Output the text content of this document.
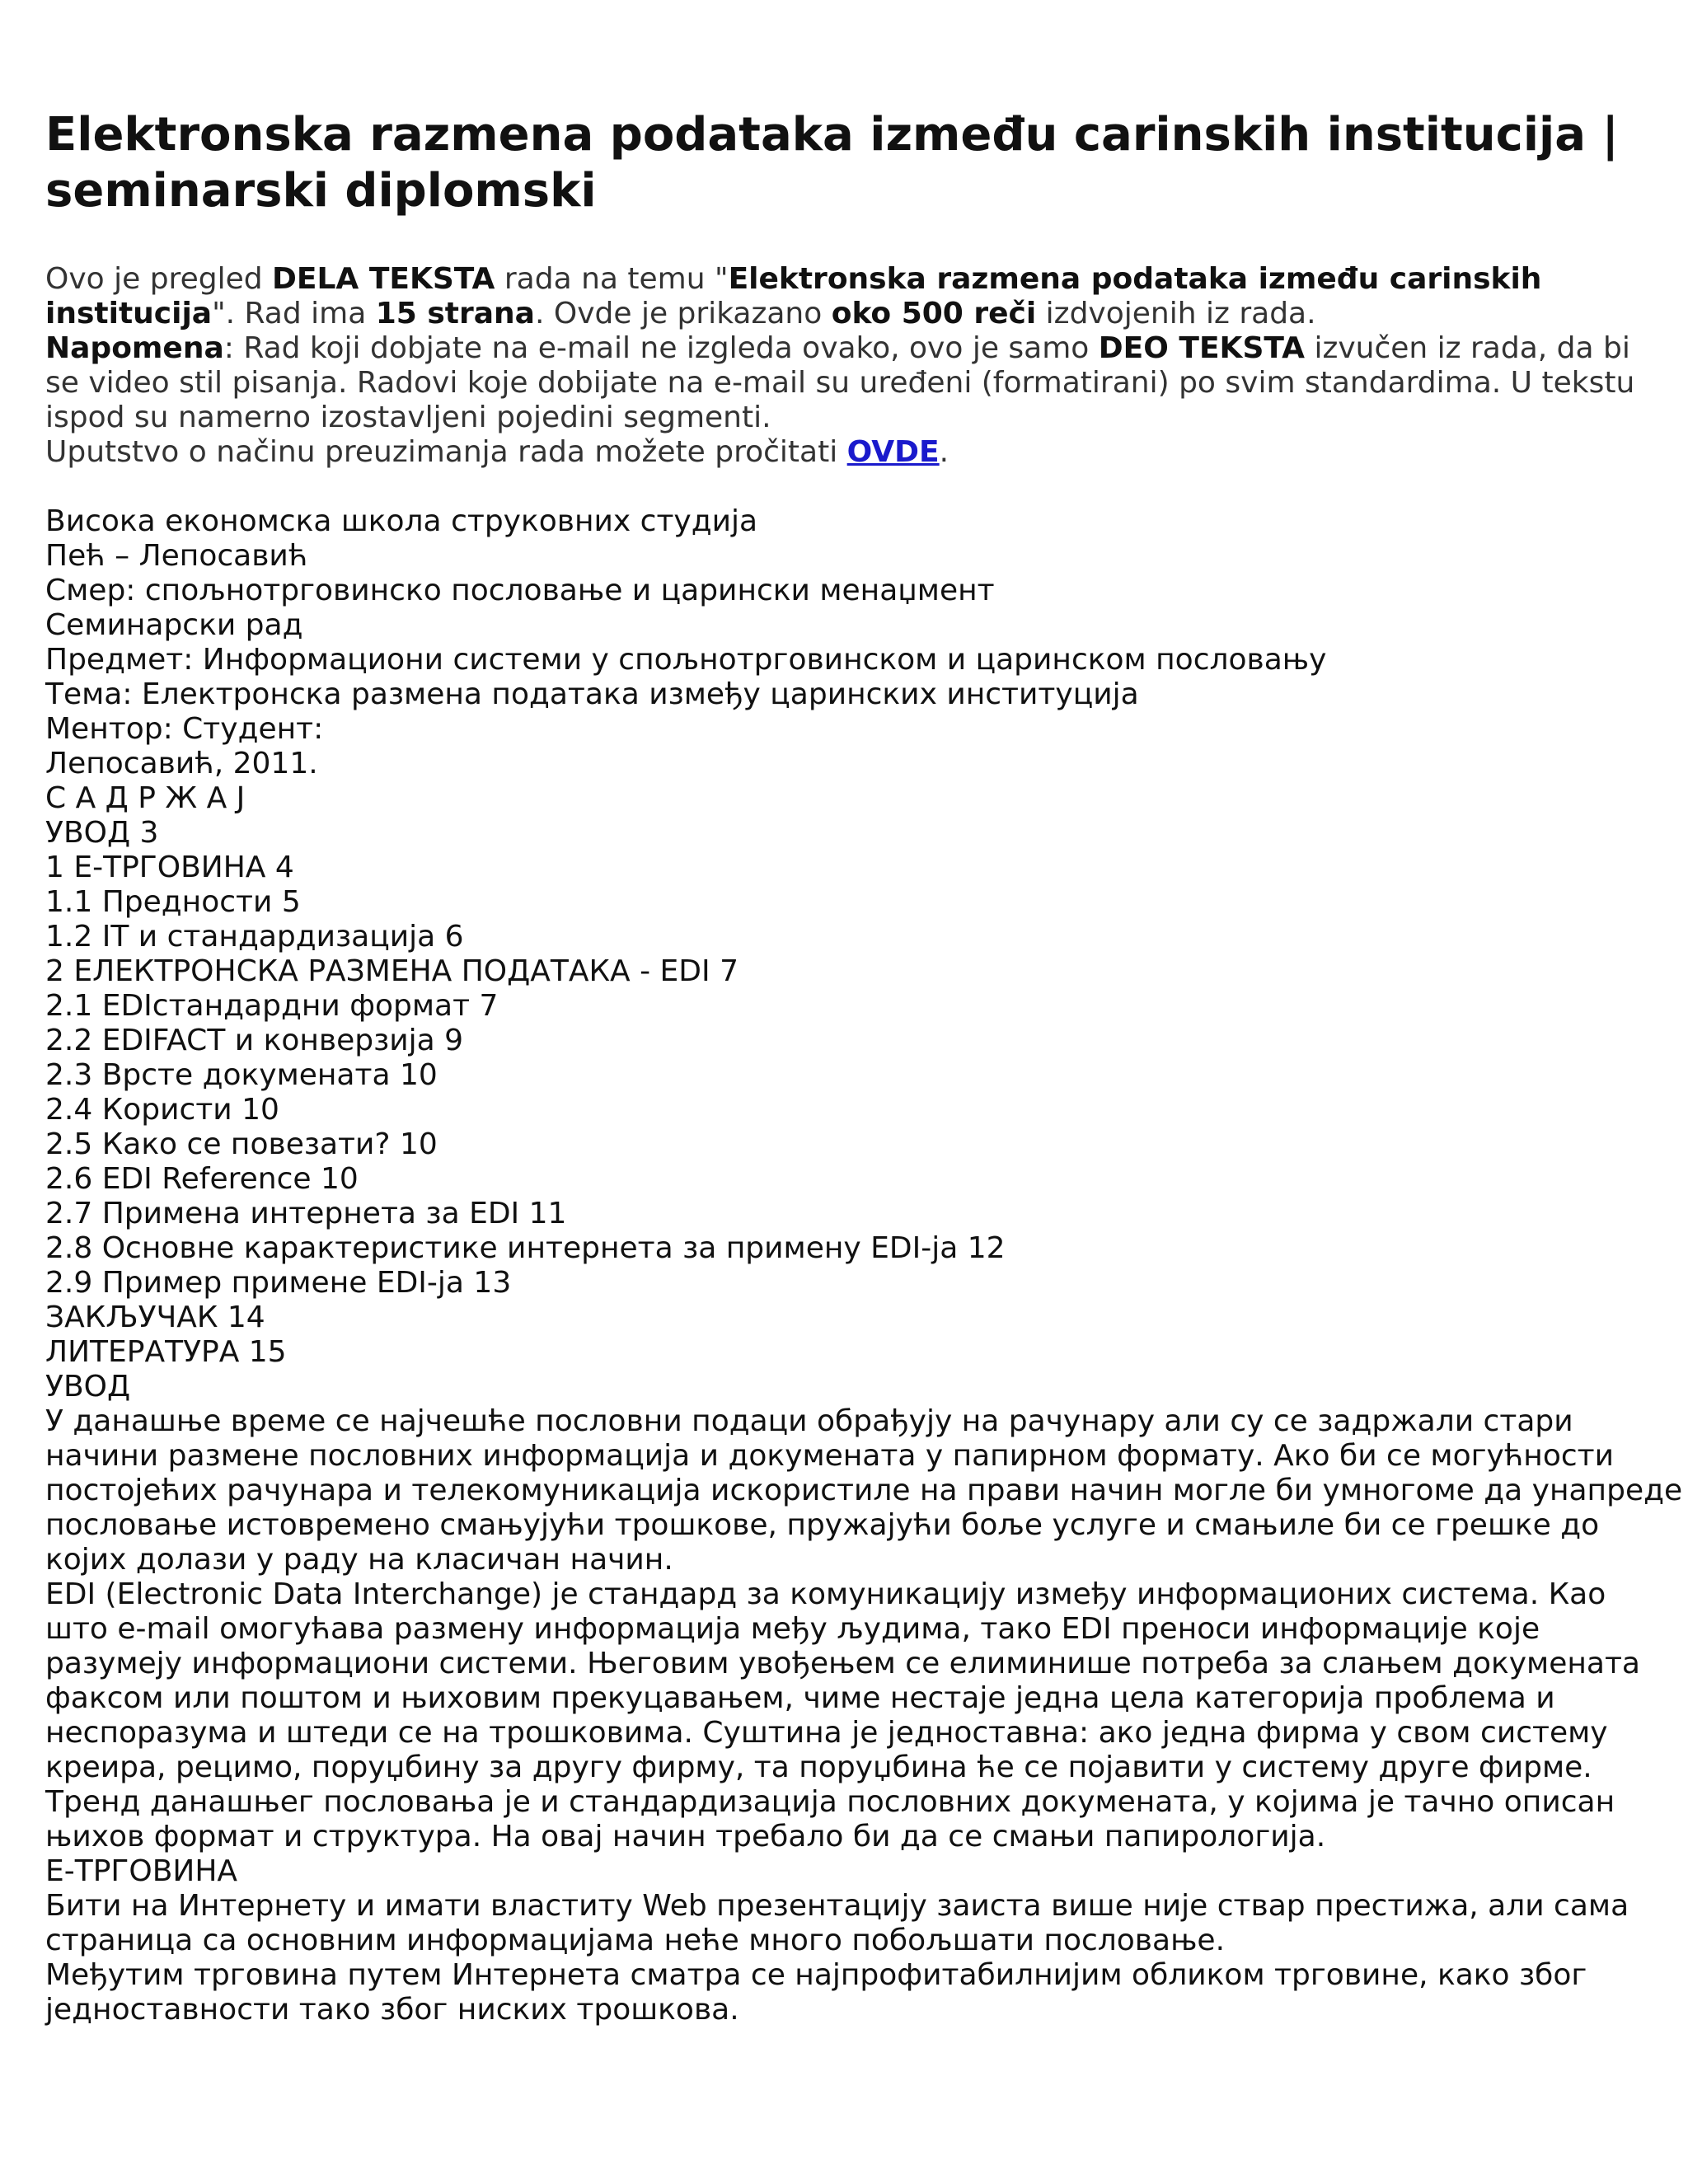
Elektronska razmena podataka između carinskih institucija |
seminarski diplomski
Ovo je pregled DELA TEKSTA rada na temu "Elektronska razmena podataka između carinskih
institucija". Rad ima 15 strana. Ovde je prikazano oko 500 reči izdvojenih iz rada.
Napomena: Rad koji dobjate na e-mail ne izgleda ovako, ovo je samo DEO TEKSTA izvučen iz rada, da bi
se video stil pisanja. Radovi koje dobijate na e-mail su uređeni (formatirani) po svim standardima. U tekstu
ispod su namerno izostavljeni pojedini segmenti.
Uputstvo o načinu preuzimanja rada možete pročitati OVDE.
Висока економска школа струковних студија
Пећ – Лепосавић
Смер: спољнотрговинско пословање и царински менаџмент
Семинарски рад
Предмет: Информациони системи у спољнотрговинском и царинском пословању
Тема: Електронска размена података између царинских институција
Ментор: Студент:
Лепосавић, 2011.
С А Д Р Ж А Ј
УВОД 3
1 Е-ТРГОВИНА 4
1.1 Предности 5
1.2 IT и стандардизација 6
2 ЕЛЕКТРОНСКА РАЗМЕНА ПОДАТАКА - EDI 7
2.1 EDIстандардни формат 7
2.2 EDIFACT и конверзија 9
2.3 Врсте докумената 10
2.4 Користи 10
2.5 Како се повезати? 10
2.6 EDI Reference 10
2.7 Примена интернета за EDI 11
2.8 Основне карактеристике интернета за примену EDI-ја 12
2.9 Пример примене EDI-ја 13
ЗАКЉУЧАК 14
ЛИТЕРАТУРА 15
УВОД
У данашње време се најчешће пословни подаци обрађују на рачунару али су се задржали стари
начини размене пословних информација и докумената у папирном формату. Ако би се могућности
постојећих рачунара и телекомуникација искористиле на прави начин могле би умногоме да унапреде
пословање истовремено смањујући трошкове, пружајући боље услуге и смањиле би се грешке до
којих долази у раду на класичан начин.
EDI (Electronic Data Interchange) је стандард за комуникацију између информационих система. Као
што e-mail омогућава размену информација међу људима, тако EDI преноси информације које
разумеју информациони системи. Његовим увођењем се елиминише потреба за слањем докумената
факсом или поштом и њиховим прекуцавањем, чиме нестаје једна цела категорија проблема и
неспоразума и штеди се на трошковима. Суштина је једноставна: ако једна фирма у свом систему
креира, рецимо, поруџбину за другу фирму, та поруџбина ће се појавити у систему друге фирме.
Тренд данашњег пословања је и стандардизација пословних докумената, у којима је тачно описан
њихов формат и структура. На овај начин требало би да се смањи папирологија.
Е-ТРГОВИНА
Бити на Интернету и имати властиту Web презентацију заиста више није ствар престижа, али сама
страница са основним информацијама неће много побољшати пословање.
Међутим трговина путем Интернета сматра се најпрофитабилнијим обликом трговине, како због
једноставности тако због ниских трошкова.
